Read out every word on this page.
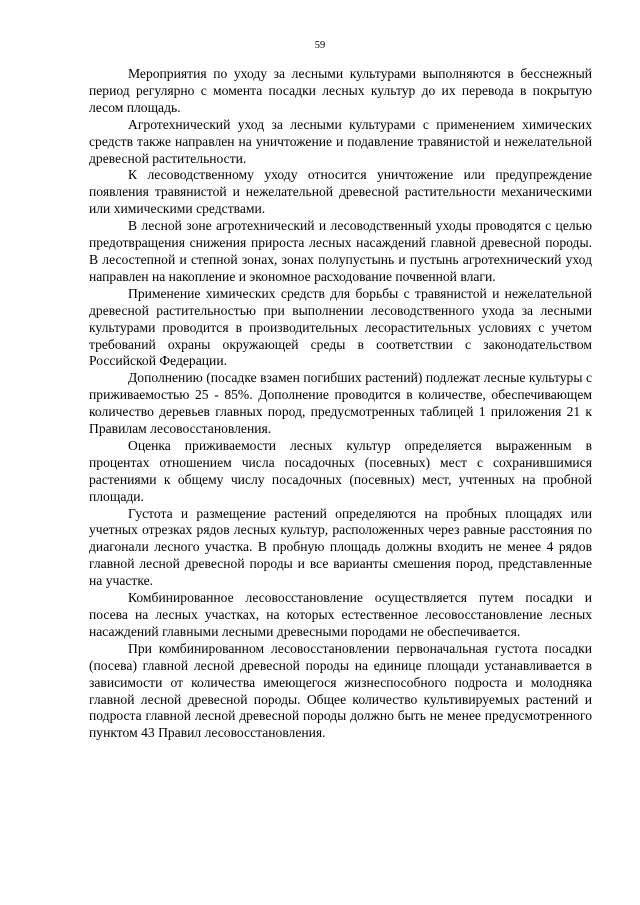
59

Мероприятия по уходу за лесными культурами выполняются в бесснежный период регулярно с момента посадки лесных культур до их перевода в покрытую лесом площадь.

Агротехнический уход за лесными культурами с применением химических средств также направлен на уничтожение и подавление травянистой и нежелательной древесной растительности.

К лесоводственному уходу относится уничтожение или предупреждение появления травянистой и нежелательной древесной растительности механическими или химическими средствами.

В лесной зоне агротехнический и лесоводственный уходы проводятся с целью предотвращения снижения прироста лесных насаждений главной древесной породы. В лесостепной и степной зонах, зонах полупустынь и пустынь агротехнический уход направлен на накопление и экономное расходование почвенной влаги.

Применение химических средств для борьбы с травянистой и нежелательной древесной растительностью при выполнении лесоводственного ухода за лесными культурами проводится в производительных лесорастительных условиях с учетом требований охраны окружающей среды в соответствии с законодательством Российской Федерации.

Дополнению (посадке взамен погибших растений) подлежат лесные культуры с приживаемостью 25 - 85%. Дополнение проводится в количестве, обеспечивающем количество деревьев главных пород, предусмотренных таблицей 1 приложения 21 к Правилам лесовосстановления.

Оценка приживаемости лесных культур определяется выраженным в процентах отношением числа посадочных (посевных) мест с сохранившимися растениями к общему числу посадочных (посевных) мест, учтенных на пробной площади.

Густота и размещение растений определяются на пробных площадях или учетных отрезках рядов лесных культур, расположенных через равные расстояния по диагонали лесного участка. В пробную площадь должны входить не менее 4 рядов главной лесной древесной породы и все варианты смешения пород, представленные на участке.

Комбинированное лесовосстановление осуществляется путем посадки и посева на лесных участках, на которых естественное лесовосстановление лесных насаждений главными лесными древесными породами не обеспечивается.

При комбинированном лесовосстановлении первоначальная густота посадки (посева) главной лесной древесной породы на единице площади устанавливается в зависимости от количества имеющегося жизнеспособного подроста и молодняка главной лесной древесной породы. Общее количество культивируемых растений и подроста главной лесной древесной породы должно быть не менее предусмотренного пунктом 43 Правил лесовосстановления.
